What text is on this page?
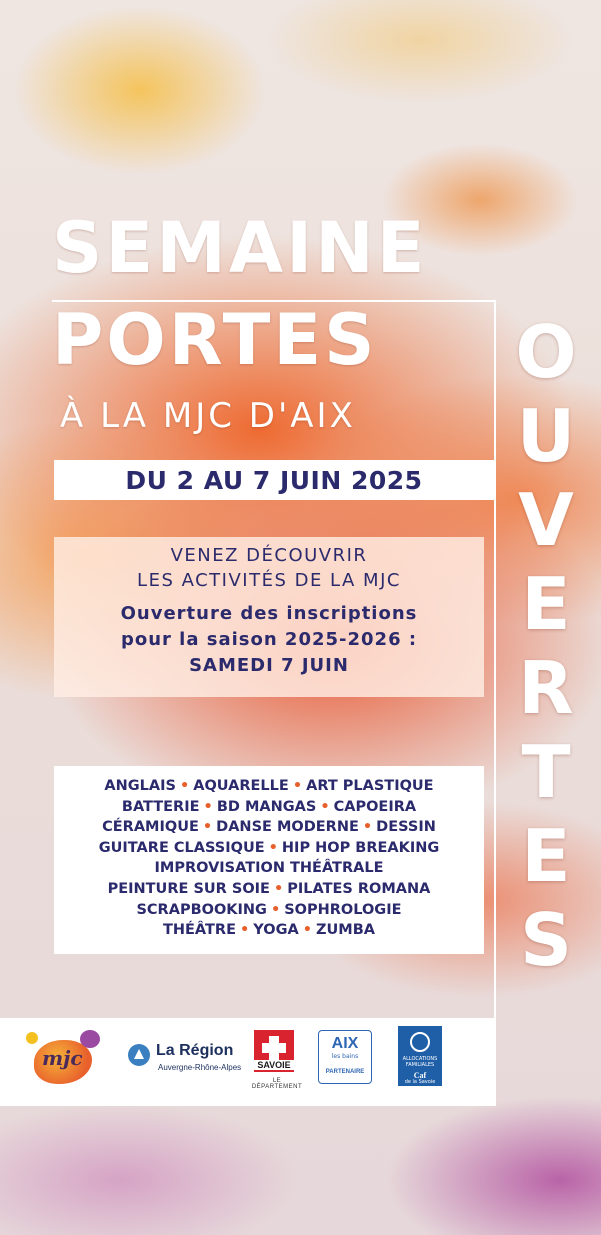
SEMAINE
PORTES
À LA MJC D'AIX
O
U
V
E
R
T
E
S
DU 2 AU 7 JUIN 2025
VENEZ DÉCOUVRIR
LES ACTIVITÉS DE LA MJC
Ouverture des inscriptions
pour la saison 2025-2026 :
SAMEDI 7 JUIN
ANGLAIS • AQUARELLE • ART PLASTIQUE
BATTERIE • BD MANGAS • CAPOEIRA
CÉRAMIQUE • DANSE MODERNE • DESSIN
GUITARE CLASSIQUE • HIP HOP BREAKING
IMPROVISATION THÉÂTRALE
PEINTURE SUR SOIE • PILATES ROMANA
SCRAPBOOKING • SOPHROLOGIE
THÉÂTRE • YOGA • ZUMBA
mjc	La Région
Auvergne-Rhône-Alpes	SAVOIE
LE DÉPARTEMENT
AIX
les bains
PARTENAIRE
ALLOCATIONS FAMILIALES
Caf
de la Savoie
